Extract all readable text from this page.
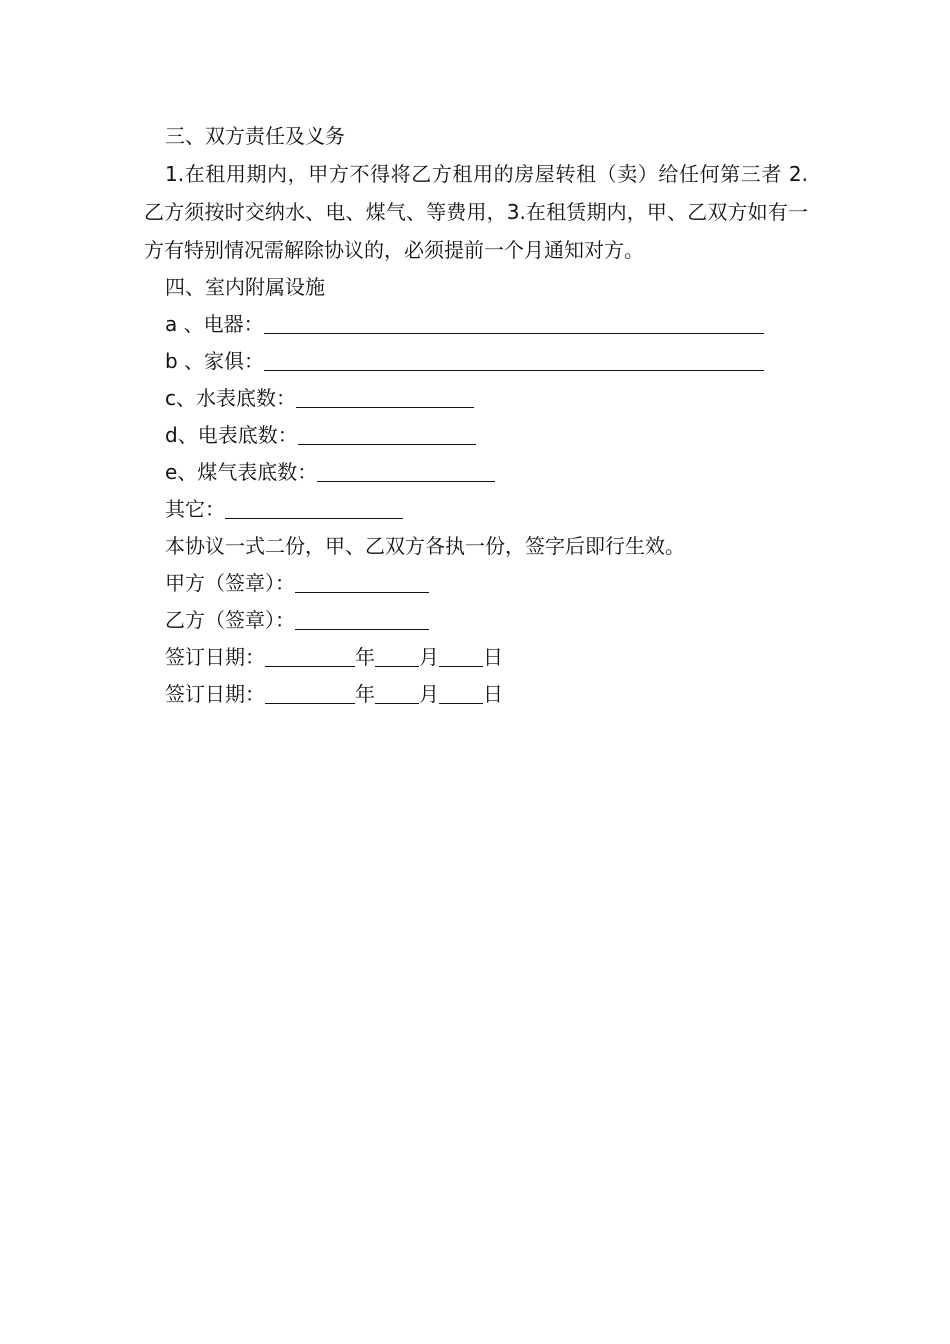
三、双方责任及义务

1.在租用期内，甲方不得将乙方租用的房屋转租（卖）给任何第三者 2.乙方须按时交纳水、电、煤气、等费用，3.在租赁期内，甲、乙双方如有一方有特别情况需解除协议的，必须提前一个月通知对方。

四、室内附属设施
a 、电器：
b 、家俱：
c、水表底数：
d、电表底数：
e、煤气表底数：
其它：
本协议一式二份，甲、乙双方各执一份，签字后即行生效。
甲方（签章）：
乙方（签章）：
签订日期：	年 月 日
签订日期：	年 月 日
